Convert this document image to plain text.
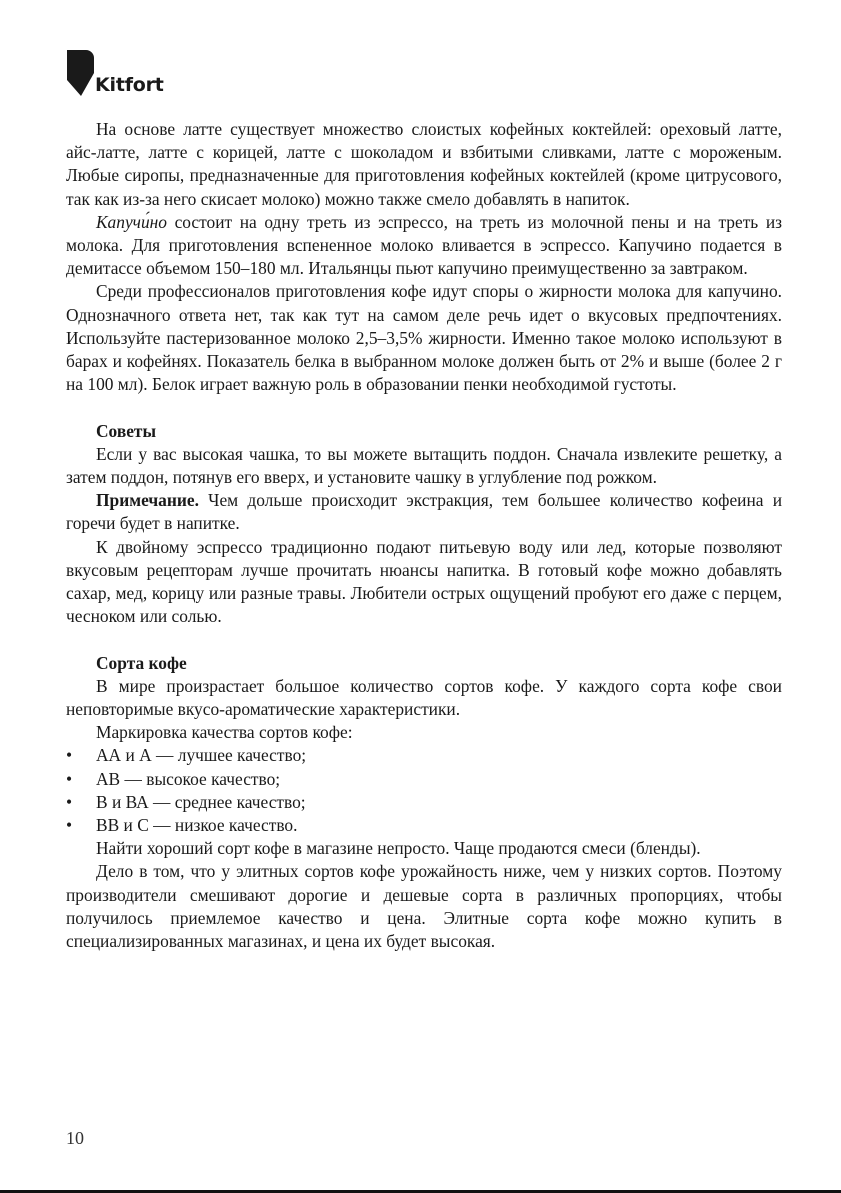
Kitfort

На основе латте существует множество слоистых кофейных коктейлей: ореховый латте, айс-латте, латте с корицей, латте с шоколадом и взбитыми сливками, латте с мороженым. Любые сиропы, предназначенные для приготовления кофейных коктейлей (кроме цитрусового, так как из-за него скисает молоко) можно также смело добавлять в напиток.

Капучи́но состоит на одну треть из эспрессо, на треть из молочной пены и на треть из молока. Для приготовления вспененное молоко вливается в эспрессо. Капучино подается в демитассе объемом 150–180 мл. Итальянцы пьют капучино преимущественно за завтраком.

Среди профессионалов приготовления кофе идут споры о жирности молока для капучино. Однозначного ответа нет, так как тут на самом деле речь идет о вкусовых предпочтениях. Используйте пастеризованное молоко 2,5–3,5% жирности. Именно такое молоко используют в барах и кофейнях. Показатель белка в выбранном молоке должен быть от 2% и выше (более 2 г на 100 мл). Белок играет важную роль в образовании пенки необходимой густоты.

Советы

Если у вас высокая чашка, то вы можете вытащить поддон. Сначала извлеките решетку, а затем поддон, потянув его вверх, и установите чашку в углубление под рожком.

Примечание. Чем дольше происходит экстракция, тем большее количество кофеина и горечи будет в напитке.

К двойному эспрессо традиционно подают питьевую воду или лед, которые позволяют вкусовым рецепторам лучше прочитать нюансы напитка. В готовый кофе можно добавлять сахар, мед, корицу или разные травы. Любители острых ощущений пробуют его даже с перцем, чесноком или солью.

Сорта кофе

В мире произрастает большое количество сортов кофе. У каждого сорта кофе свои неповторимые вкусо-ароматические характеристики.

Маркировка качества сортов кофе:

• АА и А — лучшее качество;
• АВ — высокое качество;
• В и ВА — среднее качество;
• ВВ и С — низкое качество.

Найти хороший сорт кофе в магазине непросто. Чаще продаются смеси (бленды).

Дело в том, что у элитных сортов кофе урожайность ниже, чем у низких сортов. Поэтому производители смешивают дорогие и дешевые сорта в различных пропорциях, чтобы получилось приемлемое качество и цена. Элитные сорта кофе можно купить в специализированных магазинах, и цена их будет высокая.

10
